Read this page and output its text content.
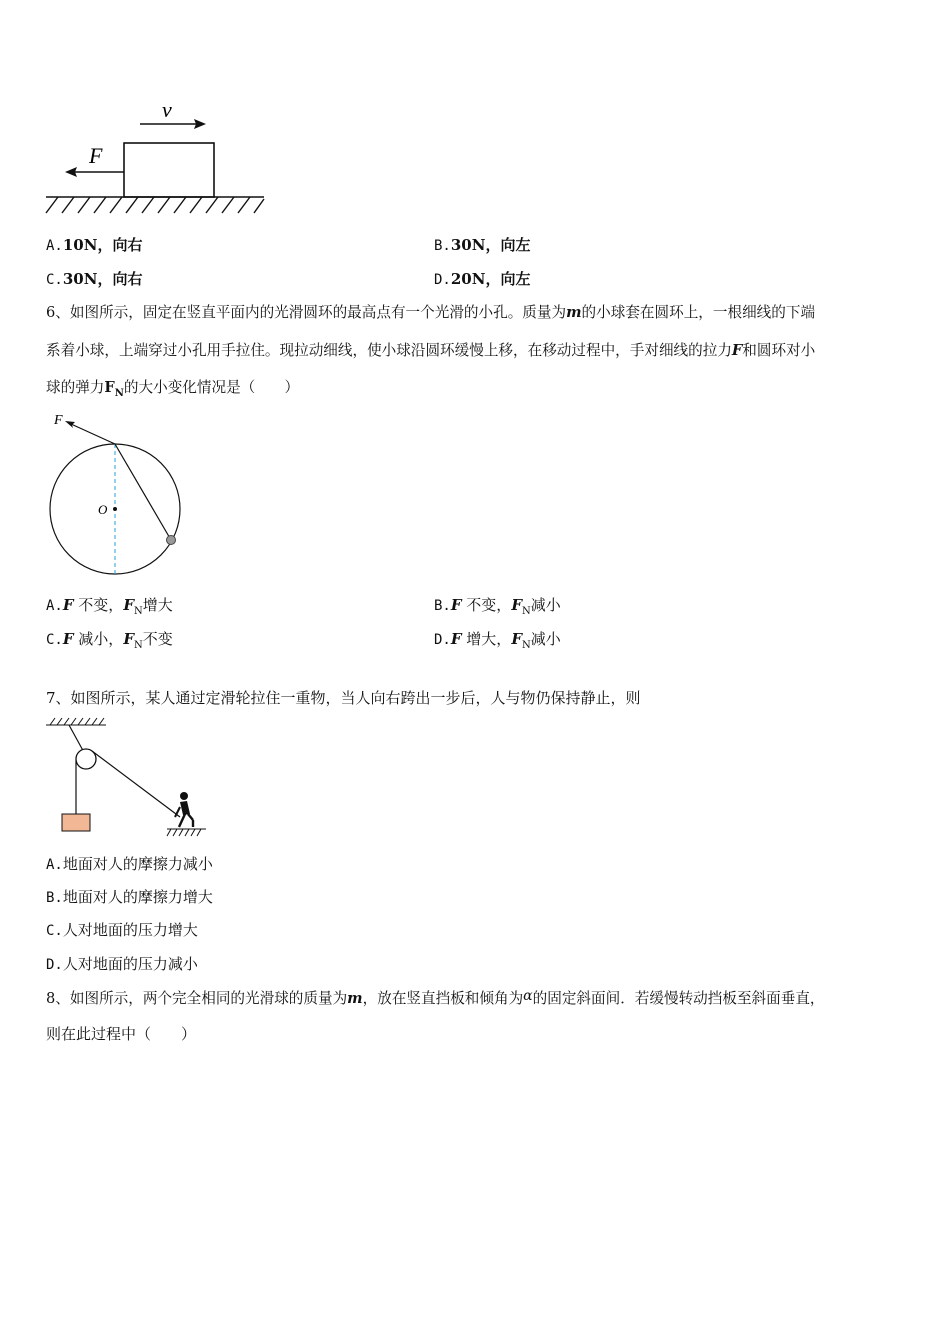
v
F
A.10N，向右	B.30N，向左
C.30N，向右	D.20N，向左
6、如图所示，固定在竖直平面内的光滑圆环的最高点有一个光滑的小孔。质量为m的小球套在圆环上，一根细线的下端
系着小球，上端穿过小孔用手拉住。现拉动细线，使小球沿圆环缓慢上移，在移动过程中，手对细线的拉力F和圆环对小
球的弹力$F_N$的大小变化情况是（　　）
F
O
A.F 不变，$F_N$增大	B.F 不变，$F_N$减小
C.F 减小，$F_N$不变	D.F 增大，$F_N$减小
7、如图所示，某人通过定滑轮拉住一重物，当人向右跨出一步后，人与物仍保持静止，则
A.地面对人的摩擦力减小
B.地面对人的摩擦力增大
C.人对地面的压力增大
D.人对地面的压力减小
8、如图所示，两个完全相同的光滑球的质量为m，放在竖直挡板和倾角为α的固定斜面间．若缓慢转动挡板至斜面垂直，
则在此过程中（　　）
